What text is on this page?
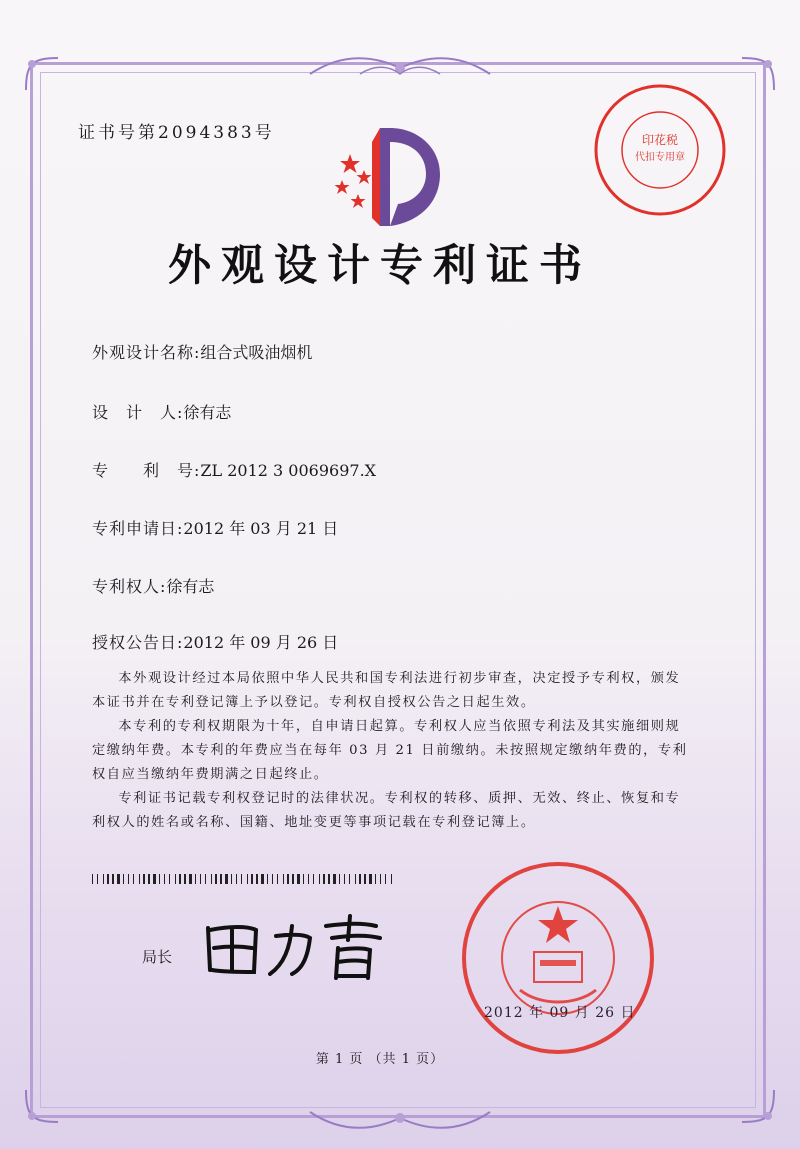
证书号第2094383号
外观设计专利证书
外观设计名称:组合式吸油烟机
设　计　人:徐有志
专　　利　号:ZL 2012 3 0069697.X
专利申请日:2012 年 03 月 21 日
专利权人:徐有志
授权公告日:2012 年 09 月 26 日

本外观设计经过本局依照中华人民共和国专利法进行初步审查，决定授予专利权，颁发本证书并在专利登记簿上予以登记。专利权自授权公告之日起生效。

本专利的专利权期限为十年，自申请日起算。专利权人应当依照专利法及其实施细则规定缴纳年费。本专利的年费应当在每年 03 月 21 日前缴纳。未按照规定缴纳年费的，专利权自应当缴纳年费期满之日起终止。

专利证书记载专利权登记时的法律状况。专利权的转移、质押、无效、终止、恢复和专利权人的姓名或名称、国籍、地址变更等事项记载在专利登记簿上。

局长
印花税
代扣专用章
2012 年 09 月 26 日
第 1 页 （共 1 页）
